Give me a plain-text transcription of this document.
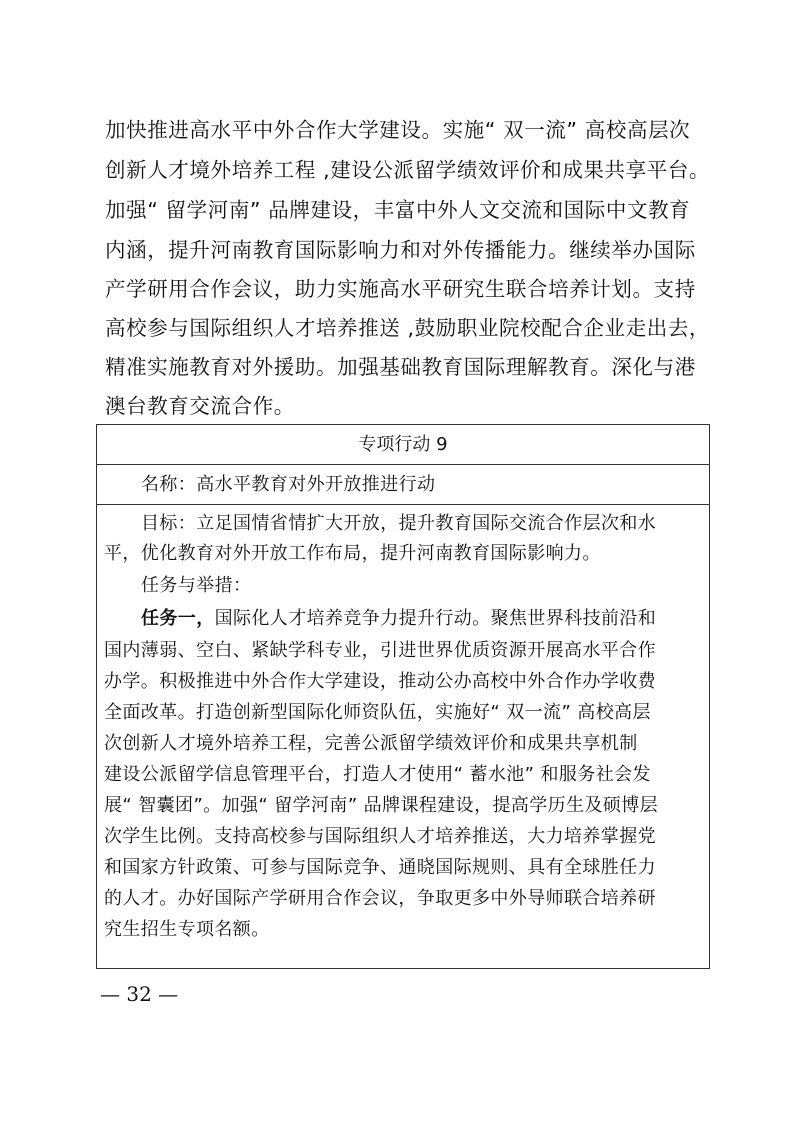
加快推进高水平中外合作大学建设。实施“ 双一流” 高校高层次
创新人才境外培养工程 ,建设公派留学绩效评价和成果共享平台。
加强“ 留学河南” 品牌建设，丰富中外人文交流和国际中文教育
内涵，提升河南教育国际影响力和对外传播能力。继续举办国际
产学研用合作会议，助力实施高水平研究生联合培养计划。支持
高校参与国际组织人才培养推送 ,鼓励职业院校配合企业走出去，
精准实施教育对外援助。加强基础教育国际理解教育。深化与港
澳台教育交流合作。
专项行动 9
名称：高水平教育对外开放推进行动
目标：立足国情省情扩大开放，提升教育国际交流合作层次和水
平，优化教育对外开放工作布局，提升河南教育国际影响力。
任务与举措：
任务一，国际化人才培养竞争力提升行动。聚焦世界科技前沿和
国内薄弱、空白、紧缺学科专业，引进世界优质资源开展高水平合作
办学。积极推进中外合作大学建设，推动公办高校中外合作办学收费
全面改革。打造创新型国际化师资队伍，实施好“ 双一流” 高校高层
次创新人才境外培养工程，完善公派留学绩效评价和成果共享机制
建设公派留学信息管理平台，打造人才使用“ 蓄水池” 和服务社会发
展“ 智囊团”。加强“ 留学河南” 品牌课程建设，提高学历生及硕博层
次学生比例。支持高校参与国际组织人才培养推送，大力培养掌握党
和国家方针政策、可参与国际竞争、通晓国际规则、具有全球胜任力
的人才。办好国际产学研用合作会议，争取更多中外导师联合培养研
究生招生专项名额。
— 32 —
